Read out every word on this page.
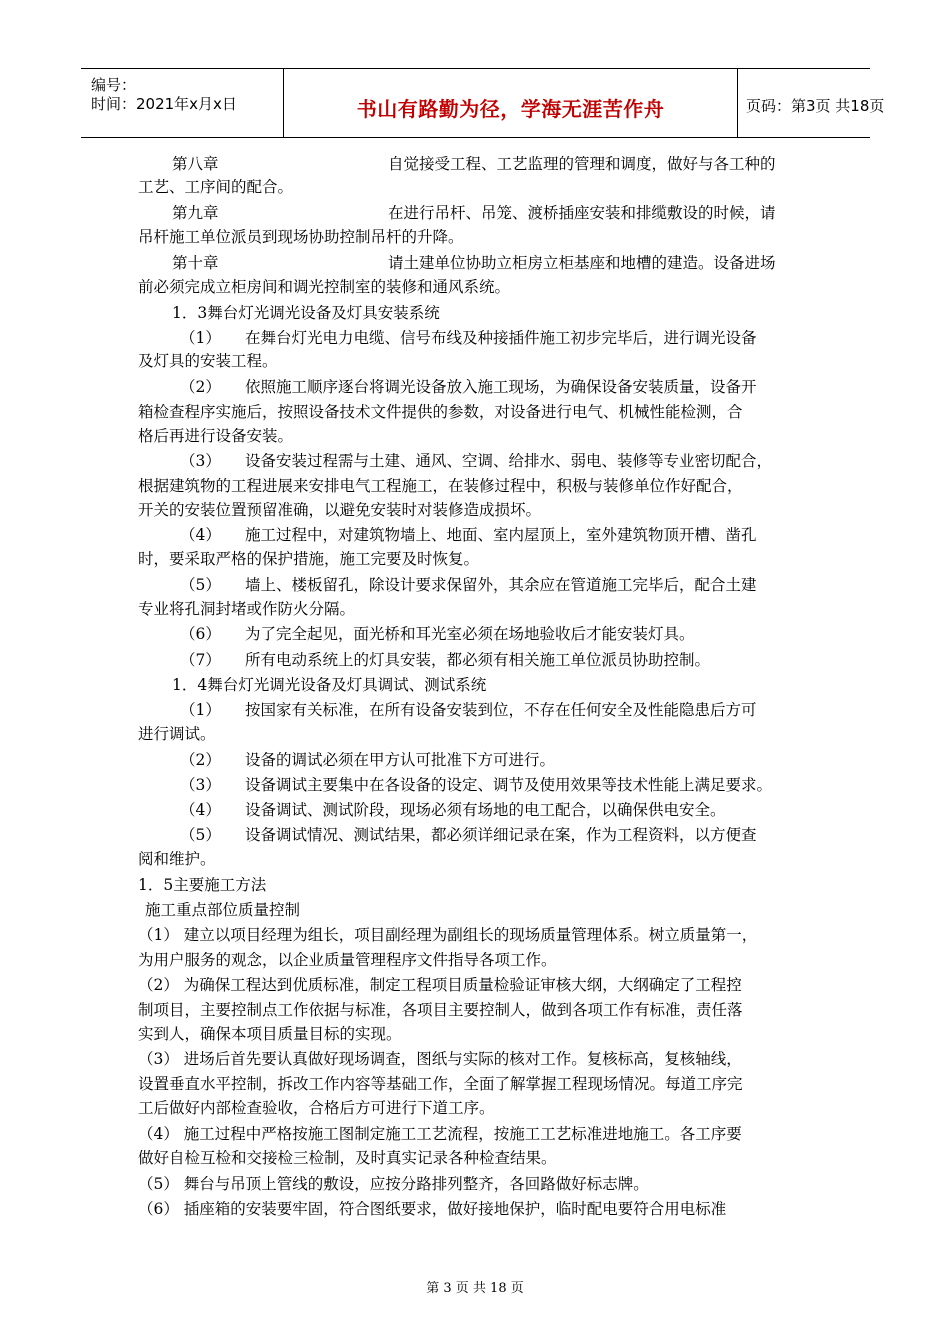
编号：
时间：2021年x月x日	书山有路勤为径，学海无涯苦作舟	页码：第3页 共18页
第八章	自觉接受工程、工艺监理的管理和调度，做好与各工种的
工艺、工序间的配合。
第九章	在进行吊杆、吊笼、渡桥插座安装和排缆敷设的时候，请
吊杆施工单位派员到现场协助控制吊杆的升降。
第十章	请土建单位协助立柜房立柜基座和地槽的建造。设备进场
前必须完成立柜房间和调光控制室的装修和通风系统。
1．3舞台灯光调光设备及灯具安装系统
（1） 在舞台灯光电力电缆、信号布线及种接插件施工初步完毕后，进行调光设备
及灯具的安装工程。
（2） 依照施工顺序逐台将调光设备放入施工现场，为确保设备安装质量，设备开
箱检查程序实施后，按照设备技术文件提供的参数，对设备进行电气、机械性能检测，合
格后再进行设备安装。
（3） 设备安装过程需与土建、通风、空调、给排水、弱电、装修等专业密切配合，
根据建筑物的工程进展来安排电气工程施工，在装修过程中，积极与装修单位作好配合，
开关的安装位置预留准确，以避免安装时对装修造成损坏。
（4） 施工过程中，对建筑物墙上、地面、室内屋顶上，室外建筑物顶开槽、凿孔
时，要采取严格的保护措施，施工完要及时恢复。
（5） 墙上、楼板留孔，除设计要求保留外，其余应在管道施工完毕后，配合土建
专业将孔洞封堵或作防火分隔。
（6） 为了完全起见，面光桥和耳光室必须在场地验收后才能安装灯具。
（7） 所有电动系统上的灯具安装，都必须有相关施工单位派员协助控制。
1．4舞台灯光调光设备及灯具调试、测试系统
（1） 按国家有关标准，在所有设备安装到位，不存在任何安全及性能隐患后方可
进行调试。
（2） 设备的调试必须在甲方认可批准下方可进行。
（3） 设备调试主要集中在各设备的设定、调节及使用效果等技术性能上满足要求。
（4） 设备调试、测试阶段，现场必须有场地的电工配合，以确保供电安全。
（5） 设备调试情况、测试结果，都必须详细记录在案，作为工程资料，以方便查
阅和维护。
1．5主要施工方法
施工重点部位质量控制
（1） 建立以项目经理为组长，项目副经理为副组长的现场质量管理体系。树立质量第一，
为用户服务的观念，以企业质量管理程序文件指导各项工作。
（2） 为确保工程达到优质标准，制定工程项目质量检验证审核大纲，大纲确定了工程控
制项目，主要控制点工作依据与标准，各项目主要控制人，做到各项工作有标准，责任落
实到人，确保本项目质量目标的实现。
（3） 进场后首先要认真做好现场调查，图纸与实际的核对工作。复核标高，复核轴线，
设置垂直水平控制，拆改工作内容等基础工作，全面了解掌握工程现场情况。每道工序完
工后做好内部检查验收，合格后方可进行下道工序。
（4） 施工过程中严格按施工图制定施工工艺流程，按施工工艺标准进地施工。各工序要
做好自检互检和交接检三检制，及时真实记录各种检查结果。
（5） 舞台与吊顶上管线的敷设，应按分路排列整齐，各回路做好标志牌。
（6） 插座箱的安装要牢固，符合图纸要求，做好接地保护，临时配电要符合用电标准
第 3 页 共 18 页
